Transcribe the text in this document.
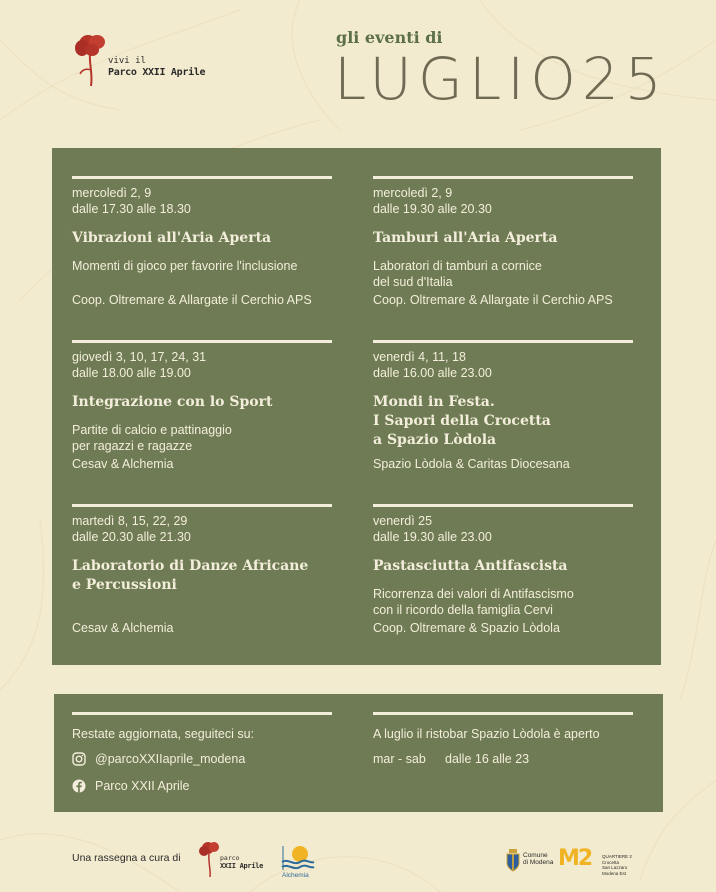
vivi il
Parco XXII Aprile
gli eventi di
LUGLIO25
mercoledì 2, 9
dalle 17.30 alle 18.30
Vibrazioni all'Aria Aperta
Momenti di gioco per favorire l'inclusione
Coop. Oltremare & Allargate il Cerchio APS
mercoledì 2, 9
dalle 19.30 alle 20.30
Tamburi all'Aria Aperta
Laboratori di tamburi a cornice
del sud d'Italia
Coop. Oltremare & Allargate il Cerchio APS
giovedì 3, 10, 17, 24, 31
dalle 18.00 alle 19.00
Integrazione con lo Sport
Partite di calcio e pattinaggio
per ragazzi e ragazze
Cesav & Alchemia
venerdì 4, 11, 18
dalle 16.00 alle 23.00
Mondi in Festa.
I Sapori della Crocetta
a Spazio Lòdola
Spazio Lòdola & Caritas Diocesana
martedì 8, 15, 22, 29
dalle 20.30 alle 21.30
Laboratorio di Danze Africane
e Percussioni
Cesav & Alchemia
venerdì 25
dalle 19.30 alle 23.00
Pastasciutta Antifascista
Ricorrenza dei valori di Antifascismo
con il ricordo della famiglia Cervi
Coop. Oltremare & Spazio Lòdola
Restate aggiornata, seguiteci su:
@parcoXXIIaprile_modena
Parco XXII Aprile
A luglio il ristobar Spazio Lòdola è aperto
mar - sab dalle 16 alle 23
Una rassegna a cura di	parco
XXII Aprile
Alchemia
Comune
di Modena M2 QUARTIERE 2
Crocetta
San Lazzaro
Modena Est
